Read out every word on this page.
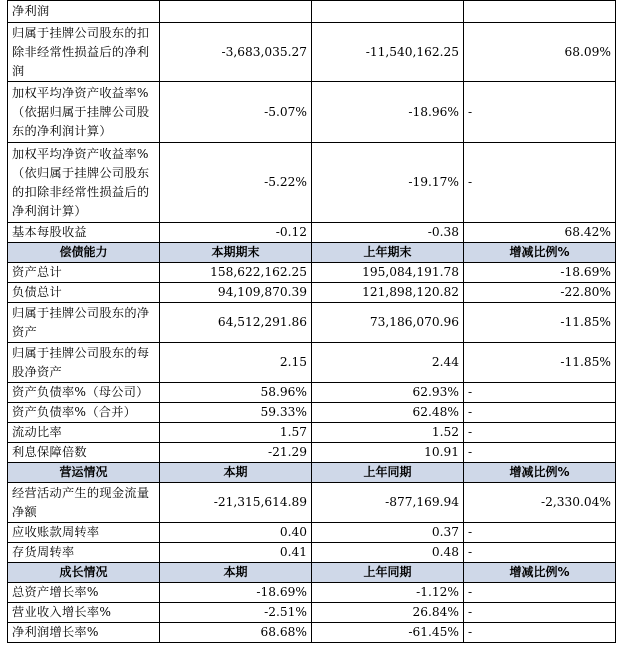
净利润			
归属于挂牌公司股东的扣除非经常性损益后的净利润	-3,683,035.27	-11,540,162.25	68.09%
加权平均净资产收益率%（依据归属于挂牌公司股东的净利润计算）	-5.07%	-18.96%	-
加权平均净资产收益率%（依归属于挂牌公司股东的扣除非经常性损益后的净利润计算）	-5.22%	-19.17%	-
基本每股收益	-0.12	-0.38	68.42%
偿债能力	本期期末	上年期末	增减比例%
资产总计	158,622,162.25	195,084,191.78	-18.69%
负债总计	94,109,870.39	121,898,120.82	-22.80%
归属于挂牌公司股东的净资产	64,512,291.86	73,186,070.96	-11.85%
归属于挂牌公司股东的每股净资产	2.15	2.44	-11.85%
资产负债率%（母公司）	58.96%	62.93%	-
资产负债率%（合并）	59.33%	62.48%	-
流动比率	1.57	1.52	-
利息保障倍数	-21.29	10.91	-
营运情况	本期	上年同期	增减比例%
经营活动产生的现金流量净额	-21,315,614.89	-877,169.94	-2,330.04%
应收账款周转率	0.40	0.37	-
存货周转率	0.41	0.48	-
成长情况	本期	上年同期	增减比例%
总资产增长率%	-18.69%	-1.12%	-
营业收入增长率%	-2.51%	26.84%	-
净利润增长率%	68.68%	-61.45%	-
